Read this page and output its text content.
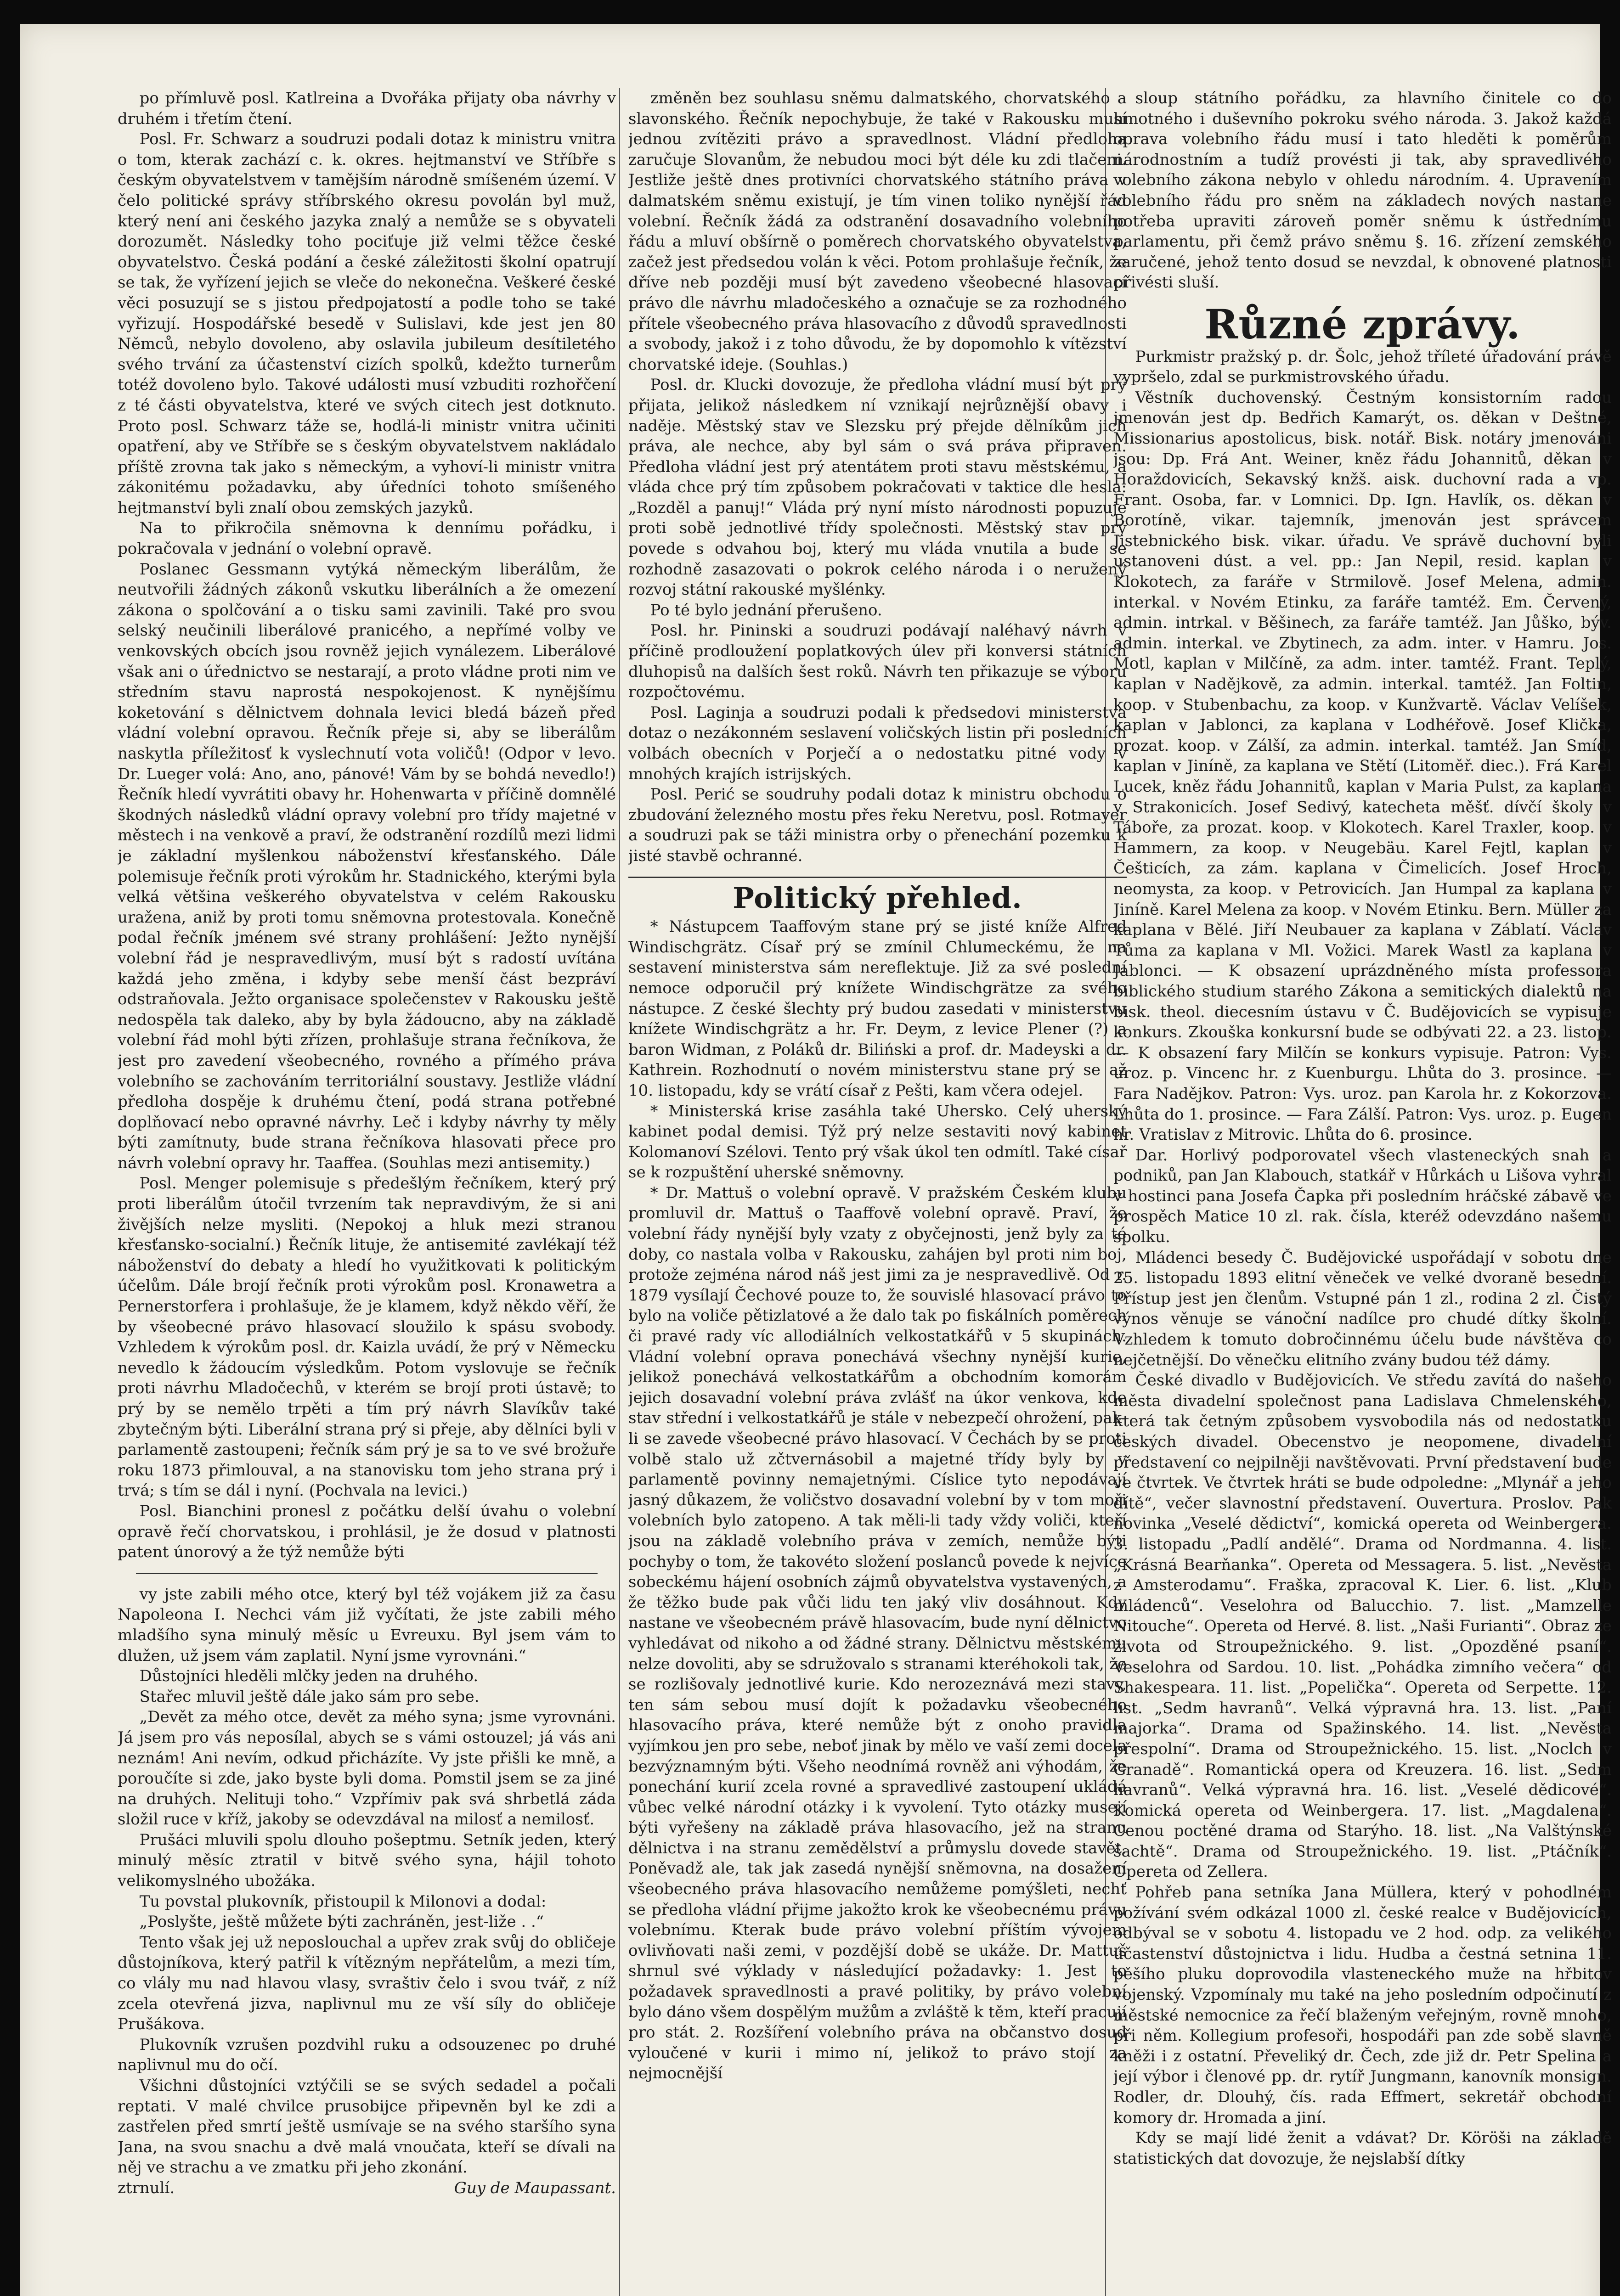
po přímluvě posl. Katlreina a Dvořáka přijaty oba návrhy v druhém i třetím čtení.

Posl. Fr. Schwarz a soudruzi podali dotaz k ministru vnitra o tom, kterak zachází c. k. okres. hejtmanství ve Stříbře s českým obyvatelstvem v tamějším národně smíšeném území. V čelo politické správy stříbrského okresu povolán byl muž, který není ani českého jazyka znalý a nemůže se s obyvateli dorozumět. Následky toho pociťuje již velmi těžce české obyvatelstvo. Česká podání a české záležitosti školní opatrují se tak, že vyřízení jejich se vleče do nekonečna. Veškeré české věci posuzují se s jistou předpojatostí a podle toho se také vyřizují. Hospodářské besedě v Sulislavi, kde jest jen 80 Němců, nebylo dovoleno, aby oslavila jubileum desítiletého svého trvání za účastenství cizích spolků, kdežto turnerům totéž dovoleno bylo. Takové události musí vzbuditi rozhořčení z té části obyvatelstva, které ve svých citech jest dotknuto. Proto posl. Schwarz táže se, hodlá-li ministr vnitra učiniti opatření, aby ve Stříbře se s českým obyvatelstvem nakládalo příště zrovna tak jako s německým, a vyhoví-li ministr vnitra zákonitému požadavku, aby úředníci tohoto smíšeného hejtmanství byli znalí obou zemských jazyků.

Na to přikročila sněmovna k dennímu pořádku, i pokračovala v jednání o volební opravě.

Poslanec Gessmann vytýká německým liberálům, že neutvořili žádných zákonů vskutku liberálních a že omezení zákona o spolčování a o tisku sami zavinili. Také pro svou selský neučinili liberálové pranicého, a nepřímé volby ve venkovských obcích jsou rovněž jejich vynálezem. Liberálové však ani o úřednictvo se nestarají, a proto vládne proti nim ve středním stavu naprostá nespokojenost. K nynějšímu koketování s dělnictvem dohnala levici bledá bázeň před vládní volební opravou. Řečník přeje si, aby se liberálům naskytla příležitosť k vyslechnutí vota voličů! (Odpor v levo. Dr. Lueger volá: Ano, ano, pánové! Vám by se bohdá nevedlo!) Řečník hledí vyvrátiti obavy hr. Hohenwarta v příčině domnělé škodných následků vládní opravy volební pro třídy majetné v městech i na venkově a praví, že odstranění rozdílů mezi lidmi je základní myšlenkou náboženství křesťanského. Dále polemisuje řečník proti výrokům hr. Stadnického, kterými byla velká většina veškerého obyvatelstva v celém Rakousku uražena, aniž by proti tomu sněmovna protestovala. Konečně podal řečník jménem své strany prohlášení: Ježto nynější volební řád je nespravedlivým, musí být s radostí uvítána každá jeho změna, i kdyby sebe menší část bezpráví odstraňovala. Ježto organisace společenstev v Rakousku ještě nedospěla tak daleko, aby by byla žádoucno, aby na základě volební řád mohl býti zřízen, prohlašuje strana řečníkova, že jest pro zavedení všeobecného, rovného a přímého práva volebního se zachováním territoriální soustavy. Jestliže vládní předloha dospěje k druhému čtení, podá strana potřebné doplňovací nebo opravné návrhy. Leč i kdyby návrhy ty měly býti zamítnuty, bude strana řečníkova hlasovati přece pro návrh volební opravy hr. Taaffea. (Souhlas mezi antisemity.)

Posl. Menger polemisuje s předešlým řečníkem, který prý proti liberálům útočil tvrzením tak nepravdivým, že si ani živějších nelze mysliti. (Nepokoj a hluk mezi stranou křesťansko-socialní.) Řečník lituje, že antisemité zavlékají též náboženství do debaty a hledí ho využitkovati k politickým účelům. Dále brojí řečník proti výrokům posl. Kronawetra a Pernerstorfera i prohlašuje, že je klamem, když někdo věří, že by všeobecné právo hlasovací sloužilo k spásu svobody. Vzhledem k výrokům posl. dr. Kaizla uvádí, že prý v Německu nevedlo k žádoucím výsledkům. Potom vyslovuje se řečník proti návrhu Mladočechů, v kterém se brojí proti ústavě; to prý by se nemělo trpěti a tím prý návrh Slavíkův také zbytečným býti. Liberální strana prý si přeje, aby dělníci byli v parlamentě zastoupeni; řečník sám prý je sa to ve své brožuře roku 1873 přimlouval, a na stanovisku tom jeho strana prý i trvá; s tím se dál i nyní. (Pochvala na levici.)

Posl. Bianchini pronesl z počátku delší úvahu o volební opravě řečí chorvatskou, i prohlásil, je že dosud v platnosti patent únorový a že týž nemůže býti

vy jste zabili mého otce, který byl též vojákem již za času Napoleona I. Nechci vám již vyčítati, že jste zabili mého mladšího syna minulý měsíc u Evreuxu. Byl jsem vám to dlužen, už jsem vám zaplatil. Nyní jsme vyrovnáni.“

Důstojníci hleděli mlčky jeden na druhého.

Stařec mluvil ještě dále jako sám pro sebe.

„Devět za mého otce, devět za mého syna; jsme vyrovnáni. Já jsem pro vás neposílal, abych se s vámi ostouzel; já vás ani neznám! Ani nevím, odkud přicházíte. Vy jste přišli ke mně, a poroučíte si zde, jako byste byli doma. Pomstil jsem se za jiné na druhých. Nelituji toho.“ Vzpřímiv pak svá shrbetlá záda složil ruce v kříž, jakoby se odevzdával na milosť a nemilosť.

Prušáci mluvili spolu dlouho pošeptmu. Setník jeden, který minulý měsíc ztratil v bitvě svého syna, hájil tohoto velikomyslného ubožáka.

Tu povstal plukovník, přistoupil k Milonovi a dodal:

„Poslyšte, ještě můžete býti zachráněn, jest-liže . .“

Tento však jej už neposlouchal a upřev zrak svůj do obličeje důstojníkova, který patřil k vítězným nepřátelům, a mezi tím, co vlály mu nad hlavou vlasy, svraštiv čelo i svou tvář, z níž zcela otevřená jizva, naplivnul mu ze vší síly do obličeje Prušákova.

Plukovník vzrušen pozdvihl ruku a odsouzenec po druhé naplivnul mu do očí.

Všichni důstojníci vztýčili se se svých sedadel a počali reptati. V malé chvilce prusobijce připevněn byl ke zdi a zastřelen před smrtí ještě usmívaje se na svého staršího syna Jana, na svou snachu a dvě malá vnoučata, kteří se dívali na něj ve strachu a ve zmatku při jeho zkonání.

ztrnulí.	Guy de Maupassant.

změněn bez souhlasu sněmu dalmatského, chorvatského a slavonského. Řečník nepochybuje, že také v Rakousku musí jednou zvítěziti právo a spravedlnost. Vládní předloha zaručuje Slovanům, že nebudou moci být déle ku zdi tlačeni. Jestliže ještě dnes protivníci chorvatského státního práva v dalmatském sněmu existují, je tím vinen toliko nynější řád volební. Řečník žádá za odstranění dosavadního volebního řádu a mluví obšírně o poměrech chorvatského obyvatelstva, začež jest předsedou volán k věci. Potom prohlašuje řečník, že dříve neb později musí být zavedeno všeobecné hlasovací právo dle návrhu mladočeského a označuje se za rozhodného přítele všeobecného práva hlasovacího z důvodů spravedlnosti a svobody, jakož i z toho důvodu, že by dopomohlo k vítězství chorvatské ideje. (Souhlas.)

Posl. dr. Klucki dovozuje, že předloha vládní musí být prý přijata, jelikož následkem ní vznikají nejrůznější obavy i naděje. Městský stav ve Slezsku prý přejde dělníkům jich práva, ale nechce, aby byl sám o svá práva připraven. Předloha vládní jest prý atentátem proti stavu městskému, a vláda chce prý tím způsobem pokračovati v taktice dle hesla: „Rozděl a panuj!“ Vláda prý nyní místo národnosti popuzuje proti sobě jednotlivé třídy společnosti. Městský stav prý povede s odvahou boj, který mu vláda vnutila a bude se rozhodně zasazovati o pokrok celého národa i o neružený rozvoj státní rakouské myšlénky.

Po té bylo jednání přerušeno.

Posl. hr. Pininski a soudruzi podávají naléhavý návrh v příčině prodloužení poplatkových úlev při konversi státních dluhopisů na dalších šest roků. Návrh ten přikazuje se výboru rozpočtovému.

Posl. Laginja a soudruzi podali k předsedovi ministerstva dotaz o nezákonném seslavení voličských listin při posledních volbách obecních v Porječí a o nedostatku pitné vody v mnohých krajích istrijských.

Posl. Perić se soudruhy podali dotaz k ministru obchodu o zbudování železného mostu přes řeku Neretvu, posl. Rotmayer a soudruzi pak se táži ministra orby o přenechání pozemku k jisté stavbě ochranné.

Politický přehled.

* Nástupcem Taaffovým stane prý se jisté kníže Alfred Windischgrätz. Císař prý se zmínil Chlumeckému, že na sestavení ministerstva sám nereflektuje. Již za své poslední nemoce odporučil prý knížete Windischgrätze za svého nástupce. Z české šlechty prý budou zasedati v ministerstvu knížete Windischgrätz a hr. Fr. Deym, z levice Plener (?) a baron Widman, z Poláků dr. Biliński a prof. dr. Madeyski a dr. Kathrein. Rozhodnutí o novém ministerstvu stane prý se až 10. listopadu, kdy se vrátí císař z Pešti, kam včera odejel.

* Ministerská krise zasáhla také Uhersko. Celý uherský kabinet podal demisi. Týž prý nelze sestaviti nový kabinet Kolomanoví Szélovi. Tento prý však úkol ten odmítl. Také císař se k rozpuštění uherské sněmovny.

* Dr. Mattuš o volební opravě. V pražském Českém klubu promluvil dr. Mattuš o Taaffově volební opravě. Praví, že volební řády nynější byly vzaty z obyčejnosti, jenž byly za té doby, co nastala volba v Rakousku, zahájen byl proti nim boj, protože zejména národ náš jest jimi za je nespravedlivě. Od r. 1879 vysílají Čechové pouze to, že souvislé hlasovací právo to bylo na voliče pětizlatové a že dalo tak po fiskálních poměrech či pravé rady víc allodiálních velkostatkářů v 5 skupinách. Vládní volební oprava ponechává všechny nynější kurie, jelikož ponechává velkostatkářům a obchodním komorám jejich dosavadní volební práva zvlášť na úkor venkova, kde stav střední i velkostatkářů je stále v nebezpečí ohrožení, pak-li se zavede všeobecné právo hlasovací. V Čechách by se proti volbě stalo už zčtvernásobil a majetné třídy byly by v parlamentě povinny nemajetnými. Císlice tyto nepodávají jasný důkazem, že voličstvo dosavadní volební by v tom moři volebních bylo zatopeno. A tak měli-li tady vždy voliči, kteří jsou na základě volebního práva v zemích, nemůže býti pochyby o tom, že takovéto složení poslanců povede k nejvíce sobeckému hájení osobních zájmů obyvatelstva vystavených, a že těžko bude pak vůči lidu ten jaký vliv dosáhnout. Kdy nastane ve všeobecném právě hlasovacím, bude nyní dělnictvo vyhledávat od nikoho a od žádné strany. Dělnictvu městskému nelze dovoliti, aby se sdružovalo s stranami kteréhokoli tak, že se rozlišovaly jednotlivé kurie. Kdo nerozeznává mezi stavy, ten sám sebou musí dojít k požadavku všeobecného hlasovacího práva, které nemůže být z onoho pravidla vyjímkou jen pro sebe, neboť jinak by mělo ve vaší zemi docela bezvýznamným býti. Všeho neodnímá rovněž ani výhodám, že ponechání kurií zcela rovné a spravedlivé zastoupení ukládá vůbec velké národní otázky i k vyvolení. Tyto otázky musejí býti vyřešeny na základě práva hlasovacího, jež na stranu dělnictva i na stranu zemědělství a průmyslu dovede stavět. Poněvadž ale, tak jak zasedá nynější sněmovna, na dosažení všeobecného práva hlasovacího nemůžeme pomýšleti, nechť se předloha vládní přijme jakožto krok ke všeobecnému právu volebnímu. Kterak bude právo volební příštím vývojem ovlivňovati naši zemi, v pozdější době se ukáže. Dr. Mattuš shrnul své výklady v následující požadavky: 1. Jest to požadavek spravedlnosti a pravé politiky, by právo volební bylo dáno všem dospělým mužům a zvláště k těm, kteří pracují pro stát. 2. Rozšíření volebního práva na občanstvo dosud vyloučené v kurii i mimo ní, jelikož to právo stojí za nejmocnější

sloup státního pořádku, za hlavního činitele co do hmotného i duševního pokroku svého národa. 3. Jakož každá oprava volebního řádu musí i tato hleděti k poměrům národnostním a tudíž provésti ji tak, aby spravedlivého volebního zákona nebylo v ohledu národním. 4. Upravením volebního řádu pro sněm na základech nových nastane potřeba upraviti zároveň poměr sněmu k ústřednímu parlamentu, při čemž právo sněmu §. 16. zřízení zemského zaručené, jehož tento dosud se nevzdal, k obnovené platnosti přivésti sluší.

Různé zprávy.

Purkmistr pražský p. dr. Šolc, jehož tříleté úřadování právě vypršelo, zdal se purkmistrovského úřadu.

Věstník duchovenský. Čestným konsistorním radou jmenován jest dp. Bedřich Kamarýt, os. děkan v Deštné, Missionarius apostolicus, bisk. notář. Bisk. notáry jmenováni jsou: Dp. Frá Ant. Weiner, kněz řádu Johannitů, děkan v Horaždovicích, Sekavský knžš. aisk. duchovní rada a vp. Frant. Osoba, far. v Lomnici. Dp. Ign. Havlík, os. děkan v Borotíně, vikar. tajemník, jmenován jest správcem Jistebnického bisk. vikar. úřadu. Ve správě duchovní byli ustanoveni dúst. a vel. pp.: Jan Nepil, resid. kaplan v Klokotech, za faráře v Strmilově. Josef Melena, admin. interkal. v Novém Etinku, za faráře tamtéž. Em. Červený, admin. intrkal. v Běšinech, za faráře tamtéž. Jan Jůško, býv. admin. interkal. ve Zbytinech, za adm. inter. v Hamru. Jos. Motl, kaplan v Milčíně, za adm. inter. tamtéž. Frant. Teplý, kaplan v Nadějkově, za admin. interkal. tamtéž. Jan Foltin, koop. v Stubenbachu, za koop. v Kunžvartě. Václav Velíšek, kaplan v Jablonci, za kaplana v Lodhéřově. Josef Klička, prozat. koop. v Zálší, za admin. interkal. tamtéž. Jan Smíd, kaplan v Jiníně, za kaplana ve Stětí (Litoměř. diec.). Frá Karel Lucek, kněz řádu Johannitů, kaplan v Maria Pulst, za kaplana v Strakonicích. Josef Sedivý, katecheta měšť. dívčí školy v Táboře, za prozat. koop. v Klokotech. Karel Traxler, koop. v Hammern, za koop. v Neugebäu. Karel Fejtl, kaplan v Češticích, za zám. kaplana v Čimelicích. Josef Hroch, neomysta, za koop. v Petrovicích. Jan Humpal za kaplana v Jiníně. Karel Melena za koop. v Novém Etinku. Bern. Müller za kaplana v Bělé. Jiří Neubauer za kaplana v Záblatí. Václav Tůma za kaplana v Ml. Vožici. Marek Wastl za kaplana v Jablonci. — K obsazení uprázdněného místa professora biblického studium starého Zákona a semitických dialektů na bisk. theol. diecesním ústavu v Č. Budějovicích se vypisuje konkurs. Zkouška konkursní bude se odbývati 22. a 23. listop. — K obsazení fary Milčín se konkurs vypisuje. Patron: Vys. uroz. p. Vincenc hr. z Kuenburgu. Lhůta do 3. prosince. — Fara Nadějkov. Patron: Vys. uroz. pan Karola hr. z Kokorzova. Lhůta do 1. prosince. — Fara Zálší. Patron: Vys. uroz. p. Eugen hr. Vratislav z Mitrovic. Lhůta do 6. prosince.

Dar. Horlivý podporovatel všech vlasteneckých snah a podniků, pan Jan Klabouch, statkář v Hůrkách u Lišova vyhral v hostinci pana Josefa Čapka při posledním hráčské zábavě ve prospěch Matice 10 zl. rak. čísla, kteréž odevzdáno našemu spolku.

Mládenci besedy Č. Budějovické uspořádají v sobotu dne 25. listopadu 1893 elitní věneček ve velké dvoraně besední. Přístup jest jen členům. Vstupné pán 1 zl., rodina 2 zl. Čistý výnos věnuje se vánoční nadílce pro chudé dítky školní. Vzhledem k tomuto dobročinnému účelu bude návštěva co nejčetnější. Do věnečku elitního zvány budou též dámy.

České divadlo v Budějovicích. Ve středu zavítá do našeho města divadelní společnost pana Ladislava Chmelenského, která tak četným způsobem vysvobodila nás od nedostatku českých divadel. Obecenstvo je neopomene, divadelní představení co nejpilněji navštěvovati. První představení bude ve čtvrtek. Ve čtvrtek hráti se bude odpoledne: „Mlynář a jeho dítě“, večer slavnostní představení. Ouvertura. Proslov. Pak novinka „Veselé dědictví“, komická opereta od Weinbergera. 3. listopadu „Padlí andělé“. Drama od Nordmanna. 4. list. „Krásná Bearňanka“. Opereta od Messagera. 5. list. „Nevěsta z Amsterodamu“. Fraška, zpracoval K. Lier. 6. list. „Klub mládenců“. Veselohra od Balucchio. 7. list. „Mamzelle Nitouche“. Opereta od Hervé. 8. list. „Naši Furianti“. Obraz ze života od Stroupežnického. 9. list. „Opozděné psaní“. Veselohra od Sardou. 10. list. „Pohádka zimního večera“ od Shakespeara. 11. list. „Popelička“. Opereta od Serpette. 12. list. „Sedm havranů“. Velká výpravná hra. 13. list. „Paní majorka“. Drama od Spažinského. 14. list. „Nevěsta přespolní“. Drama od Stroupežnického. 15. list. „Noclch v Granadě“. Romantická opera od Kreuzera. 16. list. „Sedm havranů“. Velká výpravná hra. 16. list. „Veselé dědicové“. Komická opereta od Weinbergera. 17. list. „Magdalena“. Cenou poctěné drama od Starýho. 18. list. „Na Valštýnské šachtě“. Drama od Stroupežnického. 19. list. „Ptáčník“. Opereta od Zellera.

Pohřeb pana setníka Jana Müllera, který v pohodlném požívání svém odkázal 1000 zl. české realce v Budějovicích, odbýval se v sobotu 4. listopadu ve 2 hod. odp. za velikého účastenství důstojnictva i lidu. Hudba a čestná setnina 11. pěšího pluku doprovodila vlasteneckého muže na hřbitov vojenský. Vzpomínaly mu také na jeho posledním odpočinutí z městské nemocnice za řečí blaženým veřejným, rovně mnoho, při něm. Kollegium profesoři, hospodáři pan zde sobě slavně kněži i z ostatní. Převeliký dr. Čech, zde již dr. Petr Spelina a její výbor i členové pp. dr. rytíř Jungmann, kanovník monsign. Rodler, dr. Dlouhý, čís. rada Effmert, sekretář obchodní komory dr. Hromada a jiní.

Kdy se mají lidé ženit a vdávat? Dr. Köröši na základě statistických dat dovozuje, že nejslabší dítky
